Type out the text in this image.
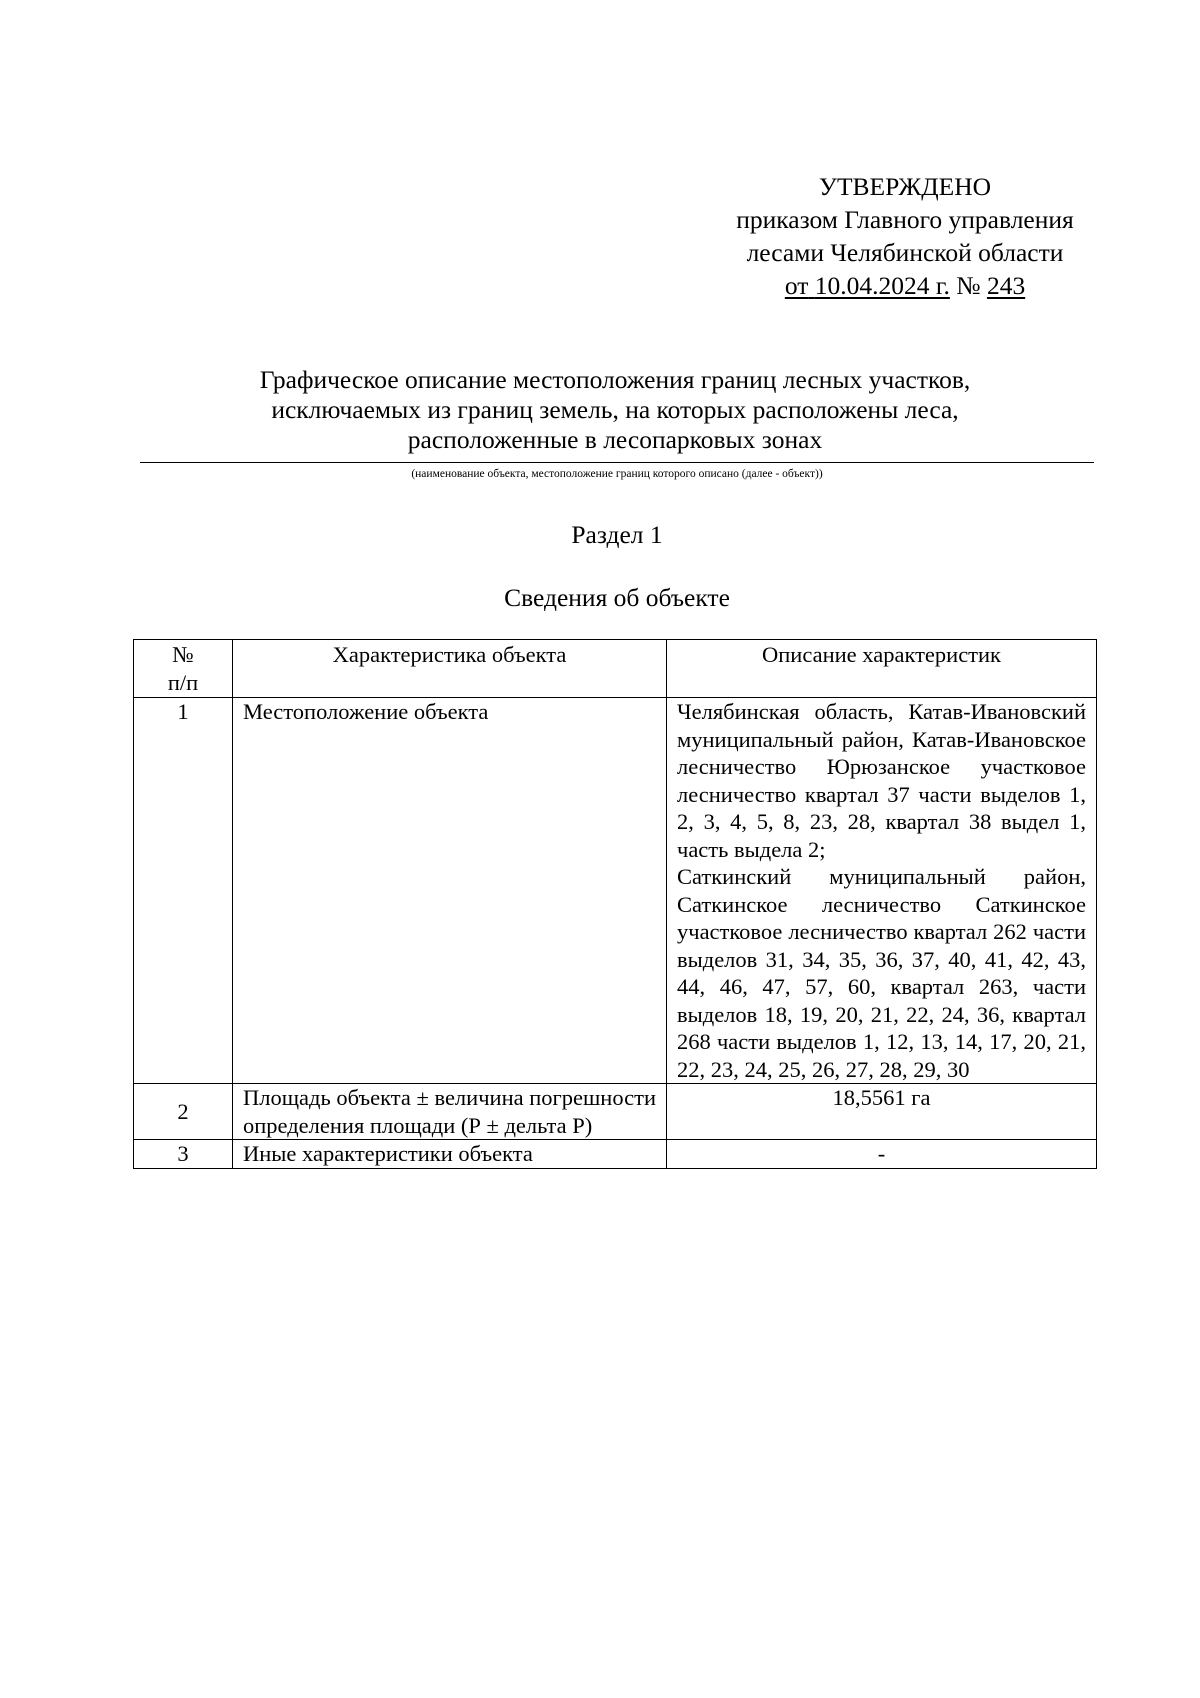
УТВЕРЖДЕНО
приказом Главного управления
лесами Челябинской области
от 10.04.2024 г. № 243
Графическое описание местоположения границ лесных участков,
исключаемых из границ земель, на которых расположены леса,
расположенные в лесопарковых зонах
(наименование объекта, местоположение границ которого описано (далее - объект))
Раздел 1
Сведения об объекте
№
п/п	Характеристика объекта	Описание характеристик
1	Местоположение объекта	Челябинская область, Катав-Ивановский муниципальный район, Катав-Ивановское лесничество Юрюзанское участковое лесничество квартал 37 части выделов 1, 2, 3, 4, 5, 8, 23, 28, квартал 38 выдел 1, часть выдела 2;
Саткинский муниципальный район, Саткинское лесничество Саткинское участковое лесничество квартал 262 части выделов 31, 34, 35, 36, 37, 40, 41, 42, 43, 44, 46, 47, 57, 60, квартал 263, части выделов 18, 19, 20, 21, 22, 24, 36, квартал 268 части выделов 1, 12, 13, 14, 17, 20, 21, 22, 23, 24, 25, 26, 27, 28, 29, 30

2	Площадь объекта ± величина погрешности определения площади (Р ± дельта Р)	18,5561 га
3	Иные характеристики объекта	-
